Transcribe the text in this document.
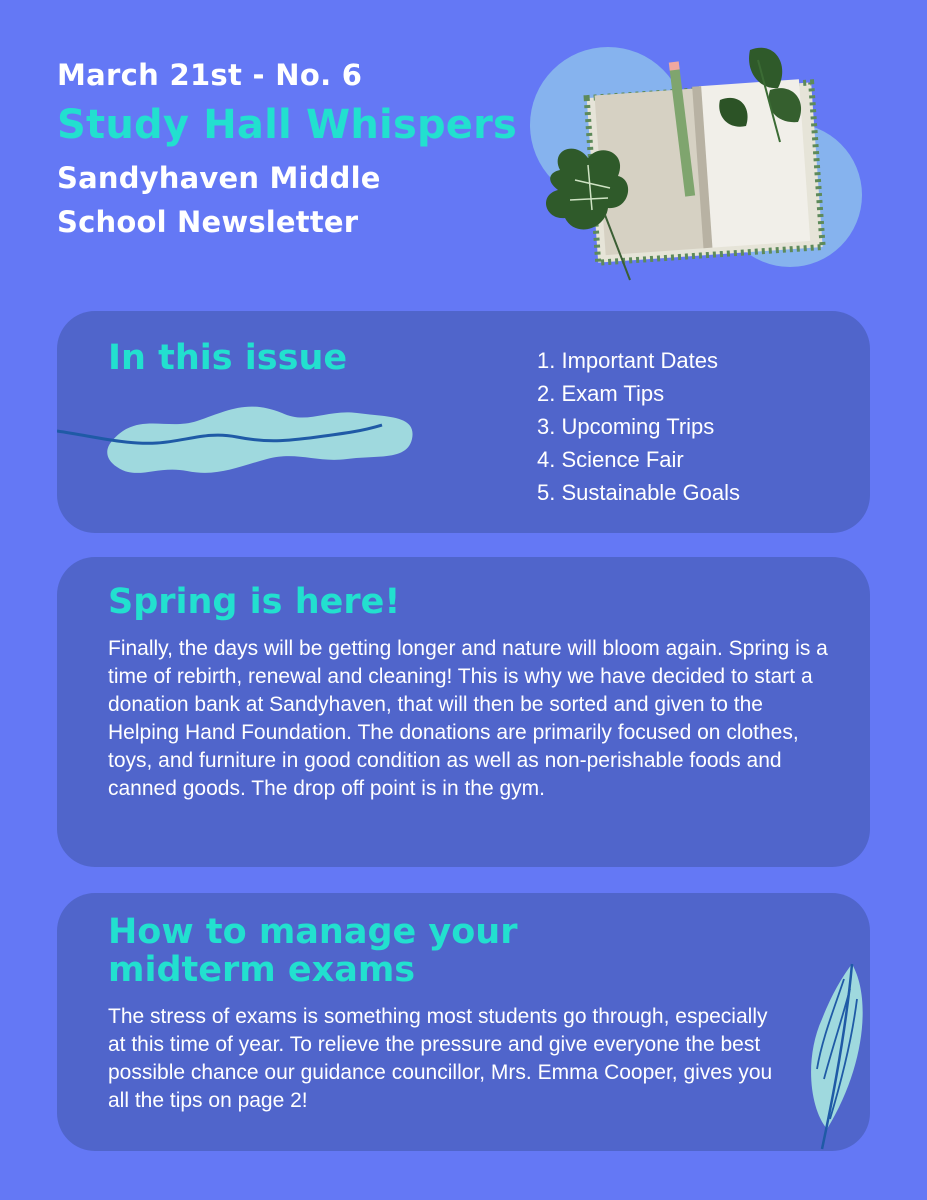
March 21st - No. 6

Study Hall Whispers

Sandyhaven Middle School Newsletter

In this issue	1. Important Dates
2. Exam Tips
3. Upcoming Trips
4. Science Fair
5. Sustainable Goals
Spring is here!

Finally, the days will be getting longer and nature will bloom again. Spring is a time of rebirth, renewal and cleaning! This is why we have decided to start a donation bank at Sandyhaven, that will then be sorted and given to the Helping Hand Foundation. The donations are primarily focused on clothes, toys, and furniture in good condition as well as non-perishable foods and canned goods. The drop off point is in the gym.

How to manage your midterm exams

The stress of exams is something most students go through, especially at this time of year. To relieve the pressure and give everyone the best possible chance our guidance councillor, Mrs. Emma Cooper, gives you all the tips on page 2!
